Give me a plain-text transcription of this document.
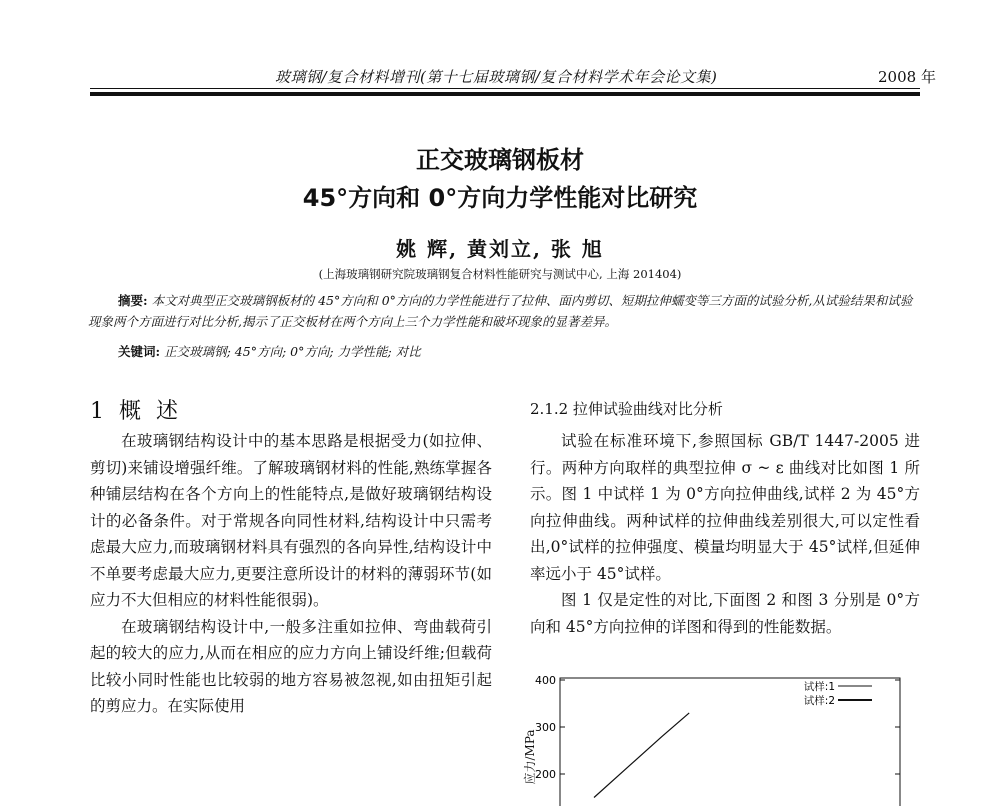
玻璃钢/复合材料增刊(第十七届玻璃钢/复合材料学术年会论文集)	2008 年
正交玻璃钢板材
45°方向和 0°方向力学性能对比研究
姚 辉, 黄刘立, 张 旭
(上海玻璃钢研究院玻璃钢复合材料性能研究与测试中心, 上海 201404)
摘要: 本文对典型正交玻璃钢板材的 45°方向和 0°方向的力学性能进行了拉伸、面内剪切、短期拉伸蠕变等三方面的试验分析,从试验结果和试验现象两个方面进行对比分析,揭示了正交板材在两个方向上三个力学性能和破坏现象的显著差异。
关键词: 正交玻璃钢; 45°方向; 0°方向; 力学性能; 对比
1 概 述

在玻璃钢结构设计中的基本思路是根据受力(如拉伸、剪切)来铺设增强纤维。了解玻璃钢材料的性能,熟练掌握各种铺层结构在各个方向上的性能特点,是做好玻璃钢结构设计的必备条件。对于常规各向同性材料,结构设计中只需考虑最大应力,而玻璃钢材料具有强烈的各向异性,结构设计中不单要考虑最大应力,更要注意所设计的材料的薄弱环节(如应力不大但相应的材料性能很弱)。

在玻璃钢结构设计中,一般多注重如拉伸、弯曲载荷引起的较大的应力,从而在相应的应力方向上铺设纤维;但载荷比较小同时性能也比较弱的地方容易被忽视,如由扭矩引起的剪应力。在实际使用

2.1.2 拉伸试验曲线对比分析

试验在标准环境下,参照国标 GB/T 1447-2005 进行。两种方向取样的典型拉伸 σ ~ ε 曲线对比如图 1 所示。图 1 中试样 1 为 0°方向拉伸曲线,试样 2 为 45°方向拉伸曲线。两种试样的拉伸曲线差别很大,可以定性看出,0°试样的拉伸强度、模量均明显大于 45°试样,但延伸率远小于 45°试样。

图 1 仅是定性的对比,下面图 2 和图 3 分别是 0°方向和 45°方向拉伸的详图和得到的性能数据。

400
300
200
试样:1
试样:2
应力/MPa
